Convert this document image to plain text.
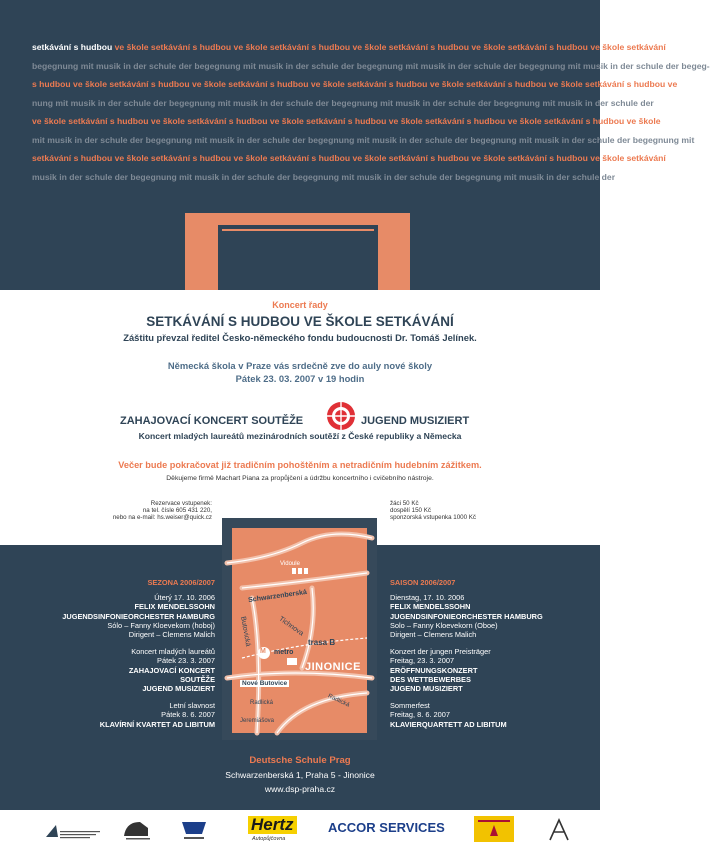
setkávání s hudbou ve škole setkávání s hudbou ve škole setkávání s hudbou ve škole setkávání s hudbou ve škole setkávání s hudbou ve škole setkávání
begegnung mit musik in der schule der begegnung mit musik in der schule der begegnung mit musik in der schule der begegnung mit musik in der schule der begeg-
s hudbou ve škole setkávání s hudbou ve škole setkávání s hudbou ve škole setkávání s hudbou ve škole setkávání s hudbou ve škole setkávání s hudbou ve
nung mit musik in der schule der begegnung mit musik in der schule der begegnung mit musik in der schule der begegnung mit musik in der schule der
ve škole setkávání s hudbou ve škole setkávání s hudbou ve škole setkávání s hudbou ve škole setkávání s hudbou ve škole setkávání s hudbou ve škole
mit musik in der schule der begegnung mit musik in der schule der begegnung mit musik in der schule der begegnung mit musik in der schule der begegnung mit
setkávání s hudbou ve škole setkávání s hudbou ve škole setkávání s hudbou ve škole setkávání s hudbou ve škole setkávání s hudbou ve škole setkávání
musik in der schule der begegnung mit musik in der schule der begegnung mit musik in der schule der begegnung mit musik in der schule der begegnung mit musik
Koncert řady
SETKÁVÁNÍ S HUDBOU VE ŠKOLE SETKÁVÁNÍ
Záštitu převzal ředitel Česko-německého fondu budoucnosti Dr. Tomáš Jelínek.
Německá škola v Praze vás srdečně zve do auly nové školy
Pátek 23. 03. 2007 v 19 hodin
ZAHAJOVACÍ KONCERT SOUTĚŽE	JUGEND MUSIZIERT
Koncert mladých laureátů mezinárodních soutěží z České republiky a Německa
Večer bude pokračovat již tradičním pohoštěním a netradičním hudebním zážitkem.
Děkujeme firmě Machart Piana za propůjčení a údržbu koncertního i cvičebního nástroje.
Rezervace vstupenek:
na tel. čísle 605 431 220,
nebo na e-mail: hs.weiser@quick.cz
žáci 50 Kč
dospělí 150 Kč
sponzorská vstupenka 1000 Kč
SEZONA 2006/2007
Úterý 17. 10. 2006
FELIX MENDELSSOHN
JUGENDSINFONIEORCHESTER HAMBURG
Sólo – Fanny Kloevekorn (hoboj)
Dirigent – Clemens Malich
Koncert mladých laureátů
Pátek 23. 3. 2007
ZAHAJOVACÍ KONCERT
SOUTĚŽE
JUGEND MUSIZIERT
Letní slavnost
Pátek 8. 6. 2007
KLAVÍRNÍ KVARTET AD LIBITUM
SAISON 2006/2007
Dienstag, 17. 10. 2006
FELIX MENDELSSOHN
JUGENDSINFONIEORCHESTER HAMBURG
Solo – Fanny Kloevekorn (Oboe)
Dirigent – Clemens Malich
Konzert der jungen Preisträger
Freitag, 23. 3. 2007
ERÖFFNUNGSKONZERT
DES WETTBEWERBES
JUGEND MUSIZIERT
Sommerfest
Freitag, 8. 6. 2007
KLAVIERQUARTETT AD LIBITUM
Vidoule
Schwarzenberská
Butovická	Tichnova
metro
trasa B
JINONICE
M
Nové Butovice
Radlická	Radlická
Jeremiášova
Deutsche Schule Prag
Schwarzenberská 1, Praha 5 - Jinonice
www.dsp-praha.cz
Hertz
Autopůjčovna
ACCOR SERVICES
